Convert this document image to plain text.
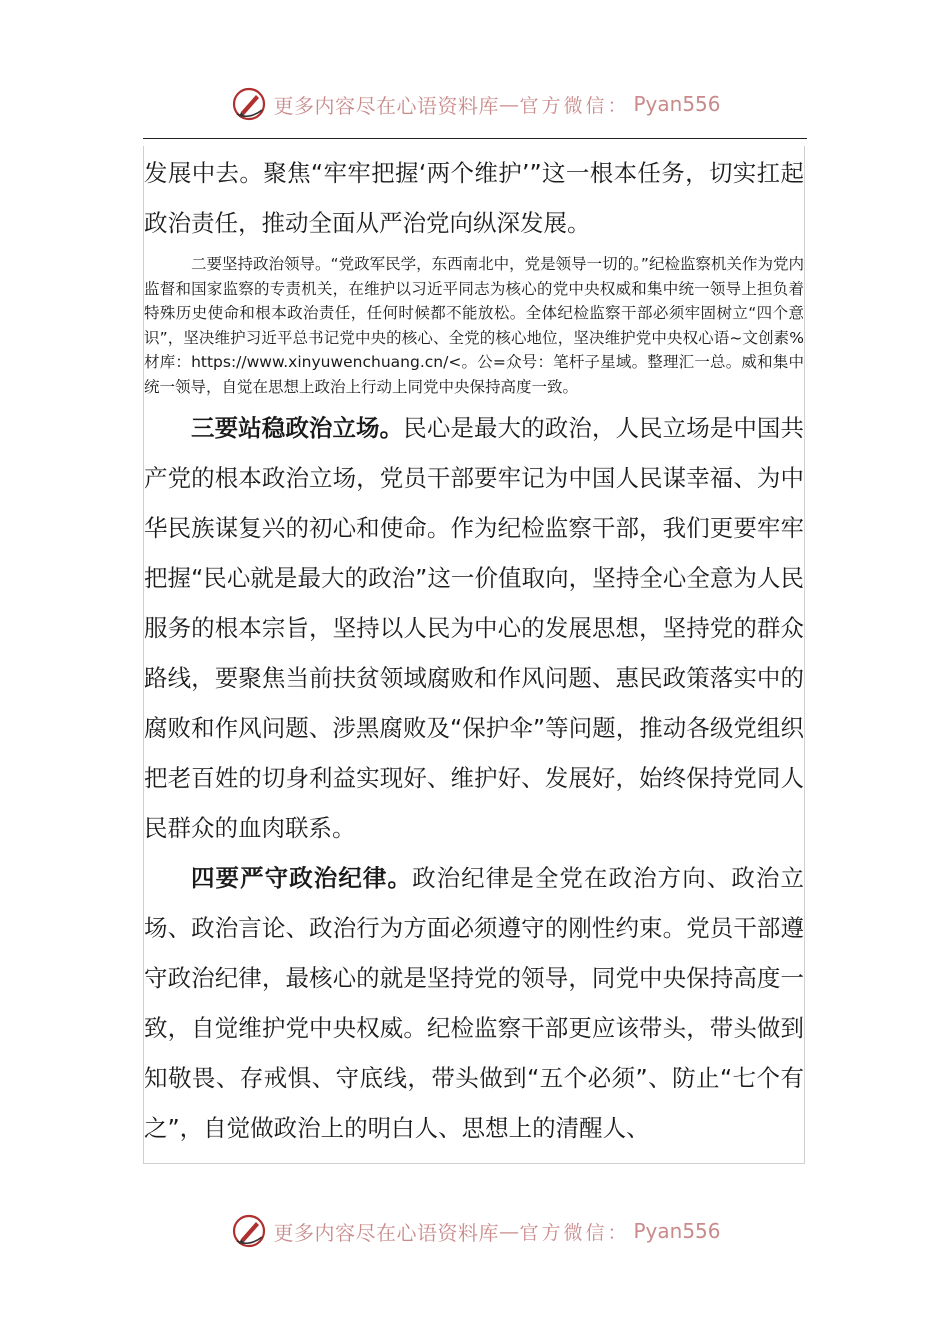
更多内容尽在心语资料库 — 官方微信： Pyan556

发展中去。聚焦“牢牢把握‘两个维护’”这一根本任务，切实扛起政治责任，推动全面从严治党向纵深发展。

二要坚持政治领导。“党政军民学，东西南北中，党是领导一切的。”纪检监察机关作为党内监督和国家监察的专责机关，在维护以习近平同志为核心的党中央权威和集中统一领导上担负着特殊历史使命和根本政治责任，任何时候都不能放松。全体纪检监察干部必须牢固树立“四个意识”，坚决维护习近平总书记党中央的核心、全党的核心地位，坚决维护党中央权心语~文创素%材库：https://www.xinyuwenchuang.cn/<。公=众号：笔杆子星域。整理汇一总。威和集中统一领导，自觉在思想上政治上行动上同党中央保持高度一致。

三要站稳政治立场。民心是最大的政治，人民立场是中国共产党的根本政治立场，党员干部要牢记为中国人民谋幸福、为中华民族谋复兴的初心和使命。作为纪检监察干部，我们更要牢牢把握“民心就是最大的政治”这一价值取向，坚持全心全意为人民服务的根本宗旨，坚持以人民为中心的发展思想，坚持党的群众路线，要聚焦当前扶贫领域腐败和作风问题、惠民政策落实中的腐败和作风问题、涉黑腐败及“保护伞”等问题，推动各级党组织把老百姓的切身利益实现好、维护好、发展好，始终保持党同人民群众的血肉联系。

四要严守政治纪律。政治纪律是全党在政治方向、政治立场、政治言论、政治行为方面必须遵守的刚性约束。党员干部遵守政治纪律，最核心的就是坚持党的领导，同党中央保持高度一致，自觉维护党中央权威。纪检监察干部更应该带头，带头做到知敬畏、存戒惧、守底线，带头做到“五个必须”、防止“七个有之”，自觉做政治上的明白人、思想上的清醒人、

更多内容尽在心语资料库 — 官方微信： Pyan556
